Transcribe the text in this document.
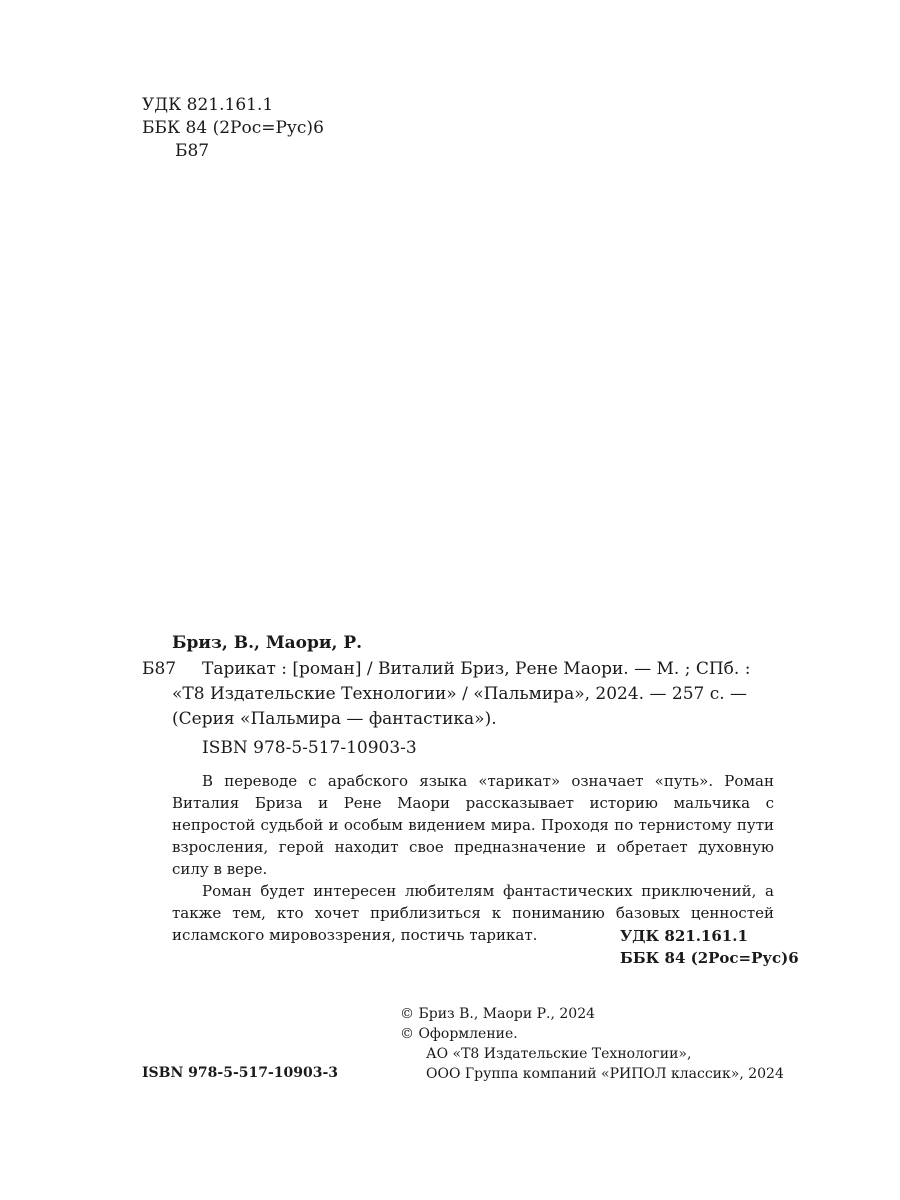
УДК 821.161.1
ББК 84 (2Рос=Рус)6
Б87
Бриз, В., Маори, Р.
Б87 Тарикат : [роман] / Виталий Бриз, Рене Маори. — М. ; СПб. :
«Т8 Издательские Технологии» / «Пальмира», 2024. — 257 с. —
(Серия «Пальмира — фантастика»).
ISBN 978-5-517-10903-3

В переводе с арабского языка «тарикат» означает «путь». Роман Виталия Бриза и Рене Маори рассказывает историю мальчика с непростой судьбой и особым видением мира. Проходя по тернистому пути взросления, герой находит свое предназначение и обретает духовную силу в вере.

Роман будет интересен любителям фантастических приключений, а также тем, кто хочет приблизиться к пониманию базовых ценностей исламского мировоззрения, постичь тарикат.	УДК 821.161.1
ББК 84 (2Рос=Рус)6
© Бриз В., Маори Р., 2024
© Оформление.
АО «Т8 Издательские Технологии»,
ООО Группа компаний «РИПОЛ классик», 2024
ISBN 978-5-517-10903-3
